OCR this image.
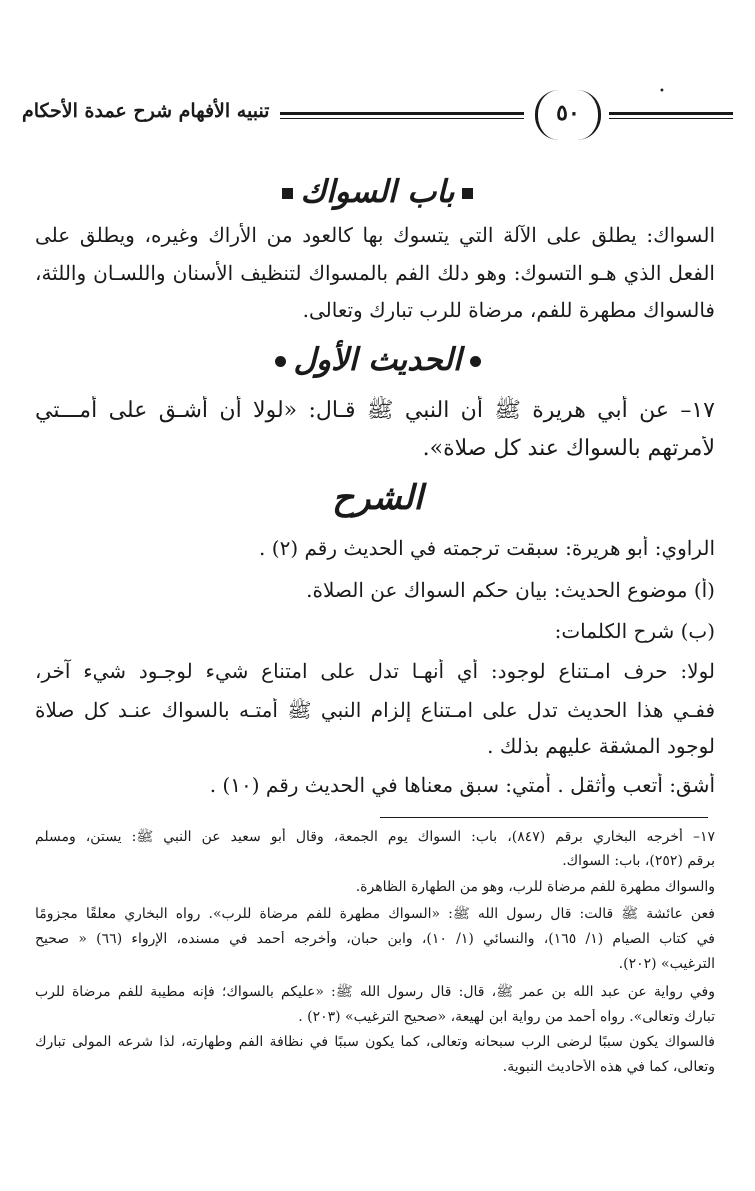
•
٥٠
تنبيه الأفهام شرح عمدة الأحكام
باب السواك
السواك: يطلق على الآلة التي يتسوك بها كالعود من الأراك وغيره، ويطلق على
الفعل الذي هـو التسوك: وهو دلك الفم بالمسواك لتنظيف الأسنان واللسـان واللثة،
فالسواك مطهرة للفم، مرضاة للرب تبارك وتعالى.
الحديث الأول
١٧– عن أبي هريرة ﷺ أن النبي ﷺ قـال: «لولا أن أشـق على أمـــتي
لأمرتهم بالسواك عند كل صلاة».
الشرح
الراوي: أبو هريرة: سبقت ترجمته في الحديث رقم (٢) .
(أ) موضوع الحديث: بيان حكم السواك عن الصلاة.
(ب) شرح الكلمات:
لولا: حرف امـتناع لوجود: أي أنهـا تدل على امتناع شيء لوجـود شيء آخر،
ففـي هذا الحديث تدل على امـتناع إلزام النبي ﷺ أمتـه بالسواك عنـد كل صلاة
لوجود المشقة عليهم بذلك .
أشق: أتعب وأثقل . أمتي: سبق معناها في الحديث رقم (١٠) .
١٧– أخرجه البخاري برقم (٨٤٧)، باب: السواك يوم الجمعة، وقال أبو سعيد عن النبي ﷺ: يستن، ومسلم
برقم (٢٥٢)، باب: السواك.
والسواك مطهرة للفم مرضاة للرب، وهو من الطهارة الظاهرة.
فعن عائشة ﷺ قالت: قال رسول الله ﷺ: «السواك مطهرة للفم مرضاة للرب». رواه البخاري معلقًا مجزومًا
في كتاب الصيام (١/ ١٦٥)، والنسائي (١/ ١٠)، وابن حبان، وأخرجه أحمد في مسنده، الإرواء (٦٦) « صحيح
الترغيب» (٢٠٢).
وفي رواية عن عبد الله بن عمر ﷺ، قال: قال رسول الله ﷺ: «عليكم بالسواك؛ فإنه مطيبة للفم مرضاة للرب
تبارك وتعالى». رواه أحمد من رواية ابن لهيعة، «صحيح الترغيب» (٢٠٣) .
فالسواك يكون سببًا لرضى الرب سبحانه وتعالى، كما يكون سببًا في نظافة الفم وطهارته، لذا شرعه المولى تبارك
وتعالى، كما في هذه الأحاديث النبوية.
